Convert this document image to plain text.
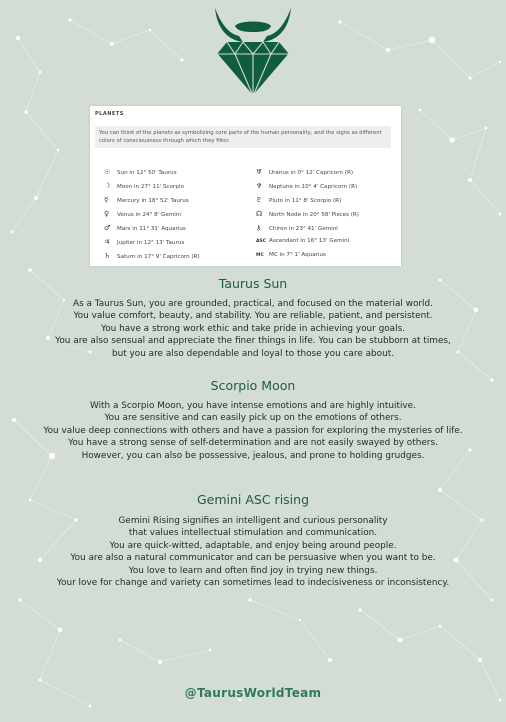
PLANETS
You can think of the planets as symbolizing core parts of the human personality, and the signs as different colors of consciousness through which they filter.
☉ Sun in 12° 50' Taurus
☽ Moon in 27° 11' Scorpio
☿ Mercury in 18° 52' Taurus
♀ Venus in 24° 8' Gemini
♂ Mars in 11° 31' Aquarius
♃ Jupiter in 12° 13' Taurus
♄ Saturn in 17° 9' Capricorn (R)
♅ Uranus in 0° 12' Capricorn (R)
♆ Neptune in 10° 4' Capricorn (R)
♇ Pluto in 11° 8' Scorpio (R)
☊ North Node in 20° 58' Pisces (R)
⚷ Chiron in 23° 41' Gemini
ASC Ascendant in 16° 13' Gemini
MC MC in 7° 1' Aquarius
Taurus Sun
As a Taurus Sun, you are grounded, practical, and focused on the material world.
You value comfort, beauty, and stability. You are reliable, patient, and persistent.
You have a strong work ethic and take pride in achieving your goals.
You are also sensual and appreciate the finer things in life. You can be stubborn at times,
but you are also dependable and loyal to those you care about.
Scorpio Moon
With a Scorpio Moon, you have intense emotions and are highly intuitive.
You are sensitive and can easily pick up on the emotions of others.
You value deep connections with others and have a passion for exploring the mysteries of life.
You have a strong sense of self-determination and are not easily swayed by others.
However, you can also be possessive, jealous, and prone to holding grudges.
Gemini ASC rising
Gemini Rising signifies an intelligent and curious personality
that values intellectual stimulation and communication.
You are quick-witted, adaptable, and enjoy being around people.
You are also a natural communicator and can be persuasive when you want to be.
You love to learn and often find joy in trying new things.
Your love for change and variety can sometimes lead to indecisiveness or inconsistency.
@TaurusWorldTeam
